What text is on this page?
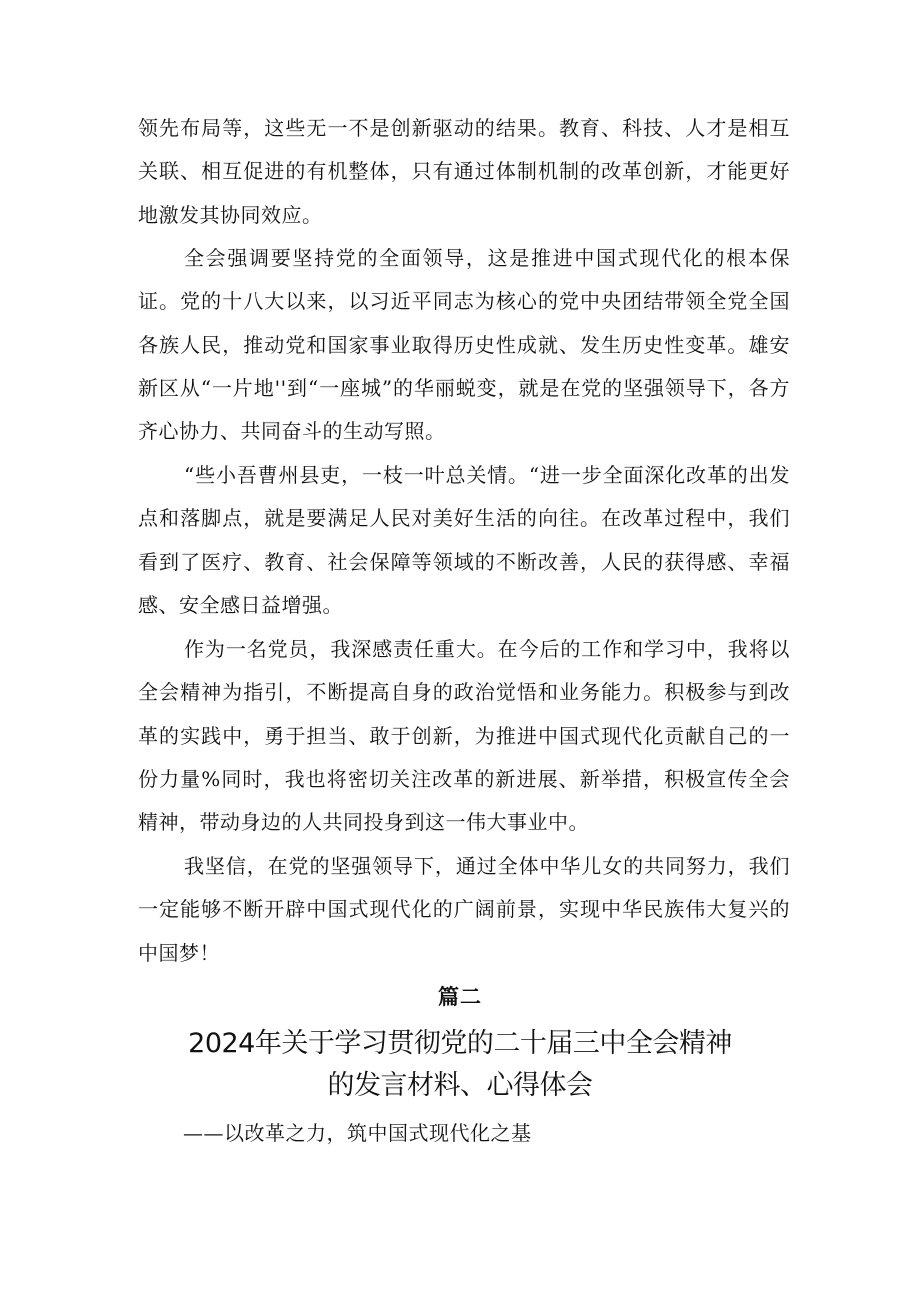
领先布局等，这些无一不是创新驱动的结果。教育、科技、人才是相互关联、相互促进的有机整体，只有通过体制机制的改革创新，才能更好地激发其协同效应。

全会强调要坚持党的全面领导，这是推进中国式现代化的根本保证。党的十八大以来，以习近平同志为核心的党中央团结带领全党全国各族人民，推动党和国家事业取得历史性成就、发生历史性变革。雄安新区从“一片地''到“一座城”的华丽蜕变，就是在党的坚强领导下，各方齐心协力、共同奋斗的生动写照。

“些小吾曹州县吏，一枝一叶总关情。“进一步全面深化改革的出发点和落脚点，就是要满足人民对美好生活的向往。在改革过程中，我们看到了医疗、教育、社会保障等领域的不断改善，人民的获得感、幸福感、安全感日益增强。

作为一名党员，我深感责任重大。在今后的工作和学习中，我将以全会精神为指引，不断提高自身的政治觉悟和业务能力。积极参与到改革的实践中，勇于担当、敢于创新，为推进中国式现代化贡献自己的一份力量%同时，我也将密切关注改革的新进展、新举措，积极宣传全会精神，带动身边的人共同投身到这一伟大事业中。

我坚信，在党的坚强领导下，通过全体中华儿女的共同努力，我们一定能够不断开辟中国式现代化的广阔前景，实现中华民族伟大复兴的中国梦！

篇二
2024年关于学习贯彻党的二十届三中全会精神
的发言材料、心得体会
——以改革之力，筑中国式现代化之基
